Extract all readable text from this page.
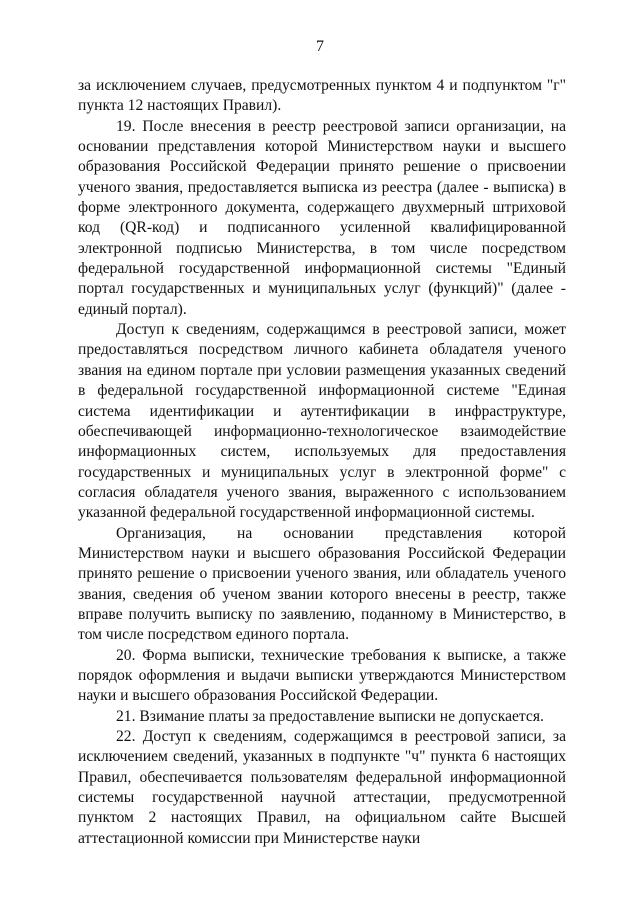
7

за исключением случаев, предусмотренных пунктом 4 и подпунктом "г" пункта 12 настоящих Правил).

19. После внесения в реестр реестровой записи организации, на основании представления которой Министерством науки и высшего образования Российской Федерации принято решение о присвоении ученого звания, предоставляется выписка из реестра (далее - выписка) в форме электронного документа, содержащего двухмерный штриховой код (QR-код) и подписанного усиленной квалифицированной электронной подписью Министерства, в том числе посредством федеральной государственной информационной системы "Единый портал государственных и муниципальных услуг (функций)" (далее - единый портал).

Доступ к сведениям, содержащимся в реестровой записи, может предоставляться посредством личного кабинета обладателя ученого звания на едином портале при условии размещения указанных сведений в федеральной государственной информационной системе "Единая система идентификации и аутентификации в инфраструктуре, обеспечивающей информационно-технологическое взаимодействие информационных систем, используемых для предоставления государственных и муниципальных услуг в электронной форме" с согласия обладателя ученого звания, выраженного с использованием указанной федеральной государственной информационной системы.

Организация, на основании представления которой Министерством науки и высшего образования Российской Федерации принято решение о присвоении ученого звания, или обладатель ученого звания, сведения об ученом звании которого внесены в реестр, также вправе получить выписку по заявлению, поданному в Министерство, в том числе посредством единого портала.

20. Форма выписки, технические требования к выписке, а также порядок оформления и выдачи выписки утверждаются Министерством науки и высшего образования Российской Федерации.

21. Взимание платы за предоставление выписки не допускается.

22. Доступ к сведениям, содержащимся в реестровой записи, за исключением сведений, указанных в подпункте "ч" пункта 6 настоящих Правил, обеспечивается пользователям федеральной информационной системы государственной научной аттестации, предусмотренной пунктом 2 настоящих Правил, на официальном сайте Высшей аттестационной комиссии при Министерстве науки
